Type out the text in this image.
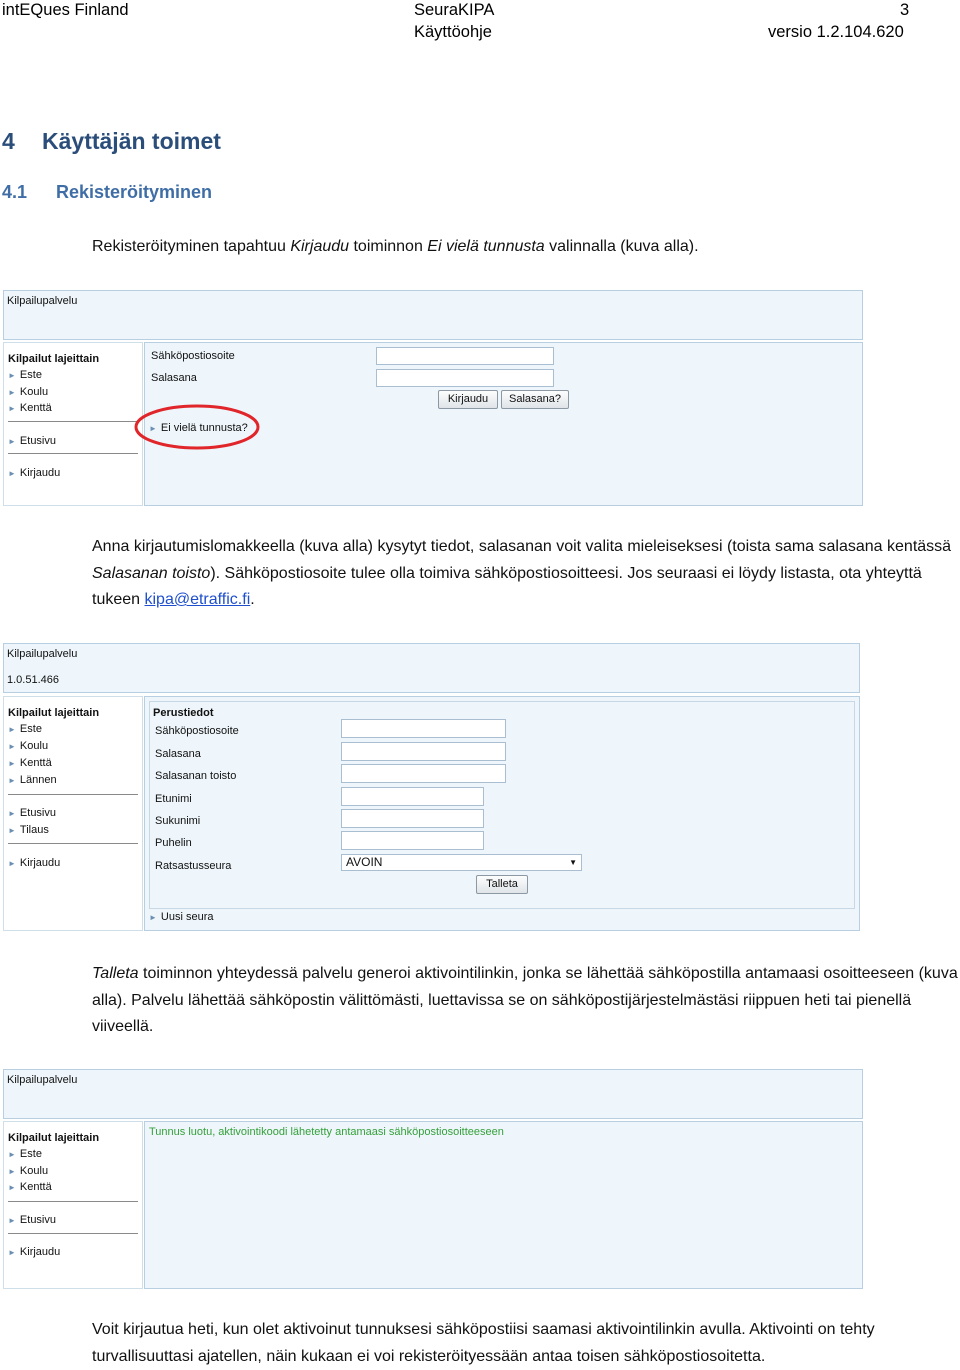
intEQues Finland	SeuraKIPA	3
Käyttöohje	versio 1.2.104.620
4 Käyttäjän toimet
4.1 Rekisteröityminen
Rekisteröityminen tapahtuu Kirjaudu toiminnon Ei vielä tunnusta valinnalla (kuva alla).
Kilpailupalvelu
Kilpailut lajeittain
► Este
► Koulu
► Kenttä
► Etusivu
► Kirjaudu
Sähköpostiosoite
Salasana
Kirjaudu	Salasana?
► Ei vielä tunnusta?
Anna kirjautumislomakkeella (kuva alla) kysytyt tiedot, salasanan voit valita mieleiseksesi (toista sama salasana kentässä Salasanan toisto). Sähköpostiosoite tulee olla toimiva sähköpostiosoitteesi. Jos seuraasi ei löydy listasta, ota yhteyttä tukeen kipa@etraffic.fi.
Kilpailupalvelu
1.0.51.466
Kilpailut lajeittain
► Este
► Koulu
► Kenttä
► Lännen
► Etusivu
► Tilaus
► Kirjaudu
Perustiedot
Sähköpostiosoite
Salasana
Salasanan toisto
Etunimi
Sukunimi
Puhelin
Ratsastusseura	AVOIN	▼
Talleta
► Uusi seura
Talleta toiminnon yhteydessä palvelu generoi aktivointilinkin, jonka se lähettää sähköpostilla antamaasi osoitteeseen (kuva alla). Palvelu lähettää sähköpostin välittömästi, luettavissa se on sähköpostijärjestelmästäsi riippuen heti tai pienellä viiveellä.
Kilpailupalvelu
Kilpailut lajeittain
► Este
► Koulu
► Kenttä
► Etusivu
► Kirjaudu
Tunnus luotu, aktivointikoodi lähetetty antamaasi sähköpostiosoitteeseen
Voit kirjautua heti, kun olet aktivoinut tunnuksesi sähköpostiisi saamasi aktivointilinkin avulla. Aktivointi on tehty turvallisuuttasi ajatellen, näin kukaan ei voi rekisteröityessään antaa toisen sähköpostiosoitetta.
